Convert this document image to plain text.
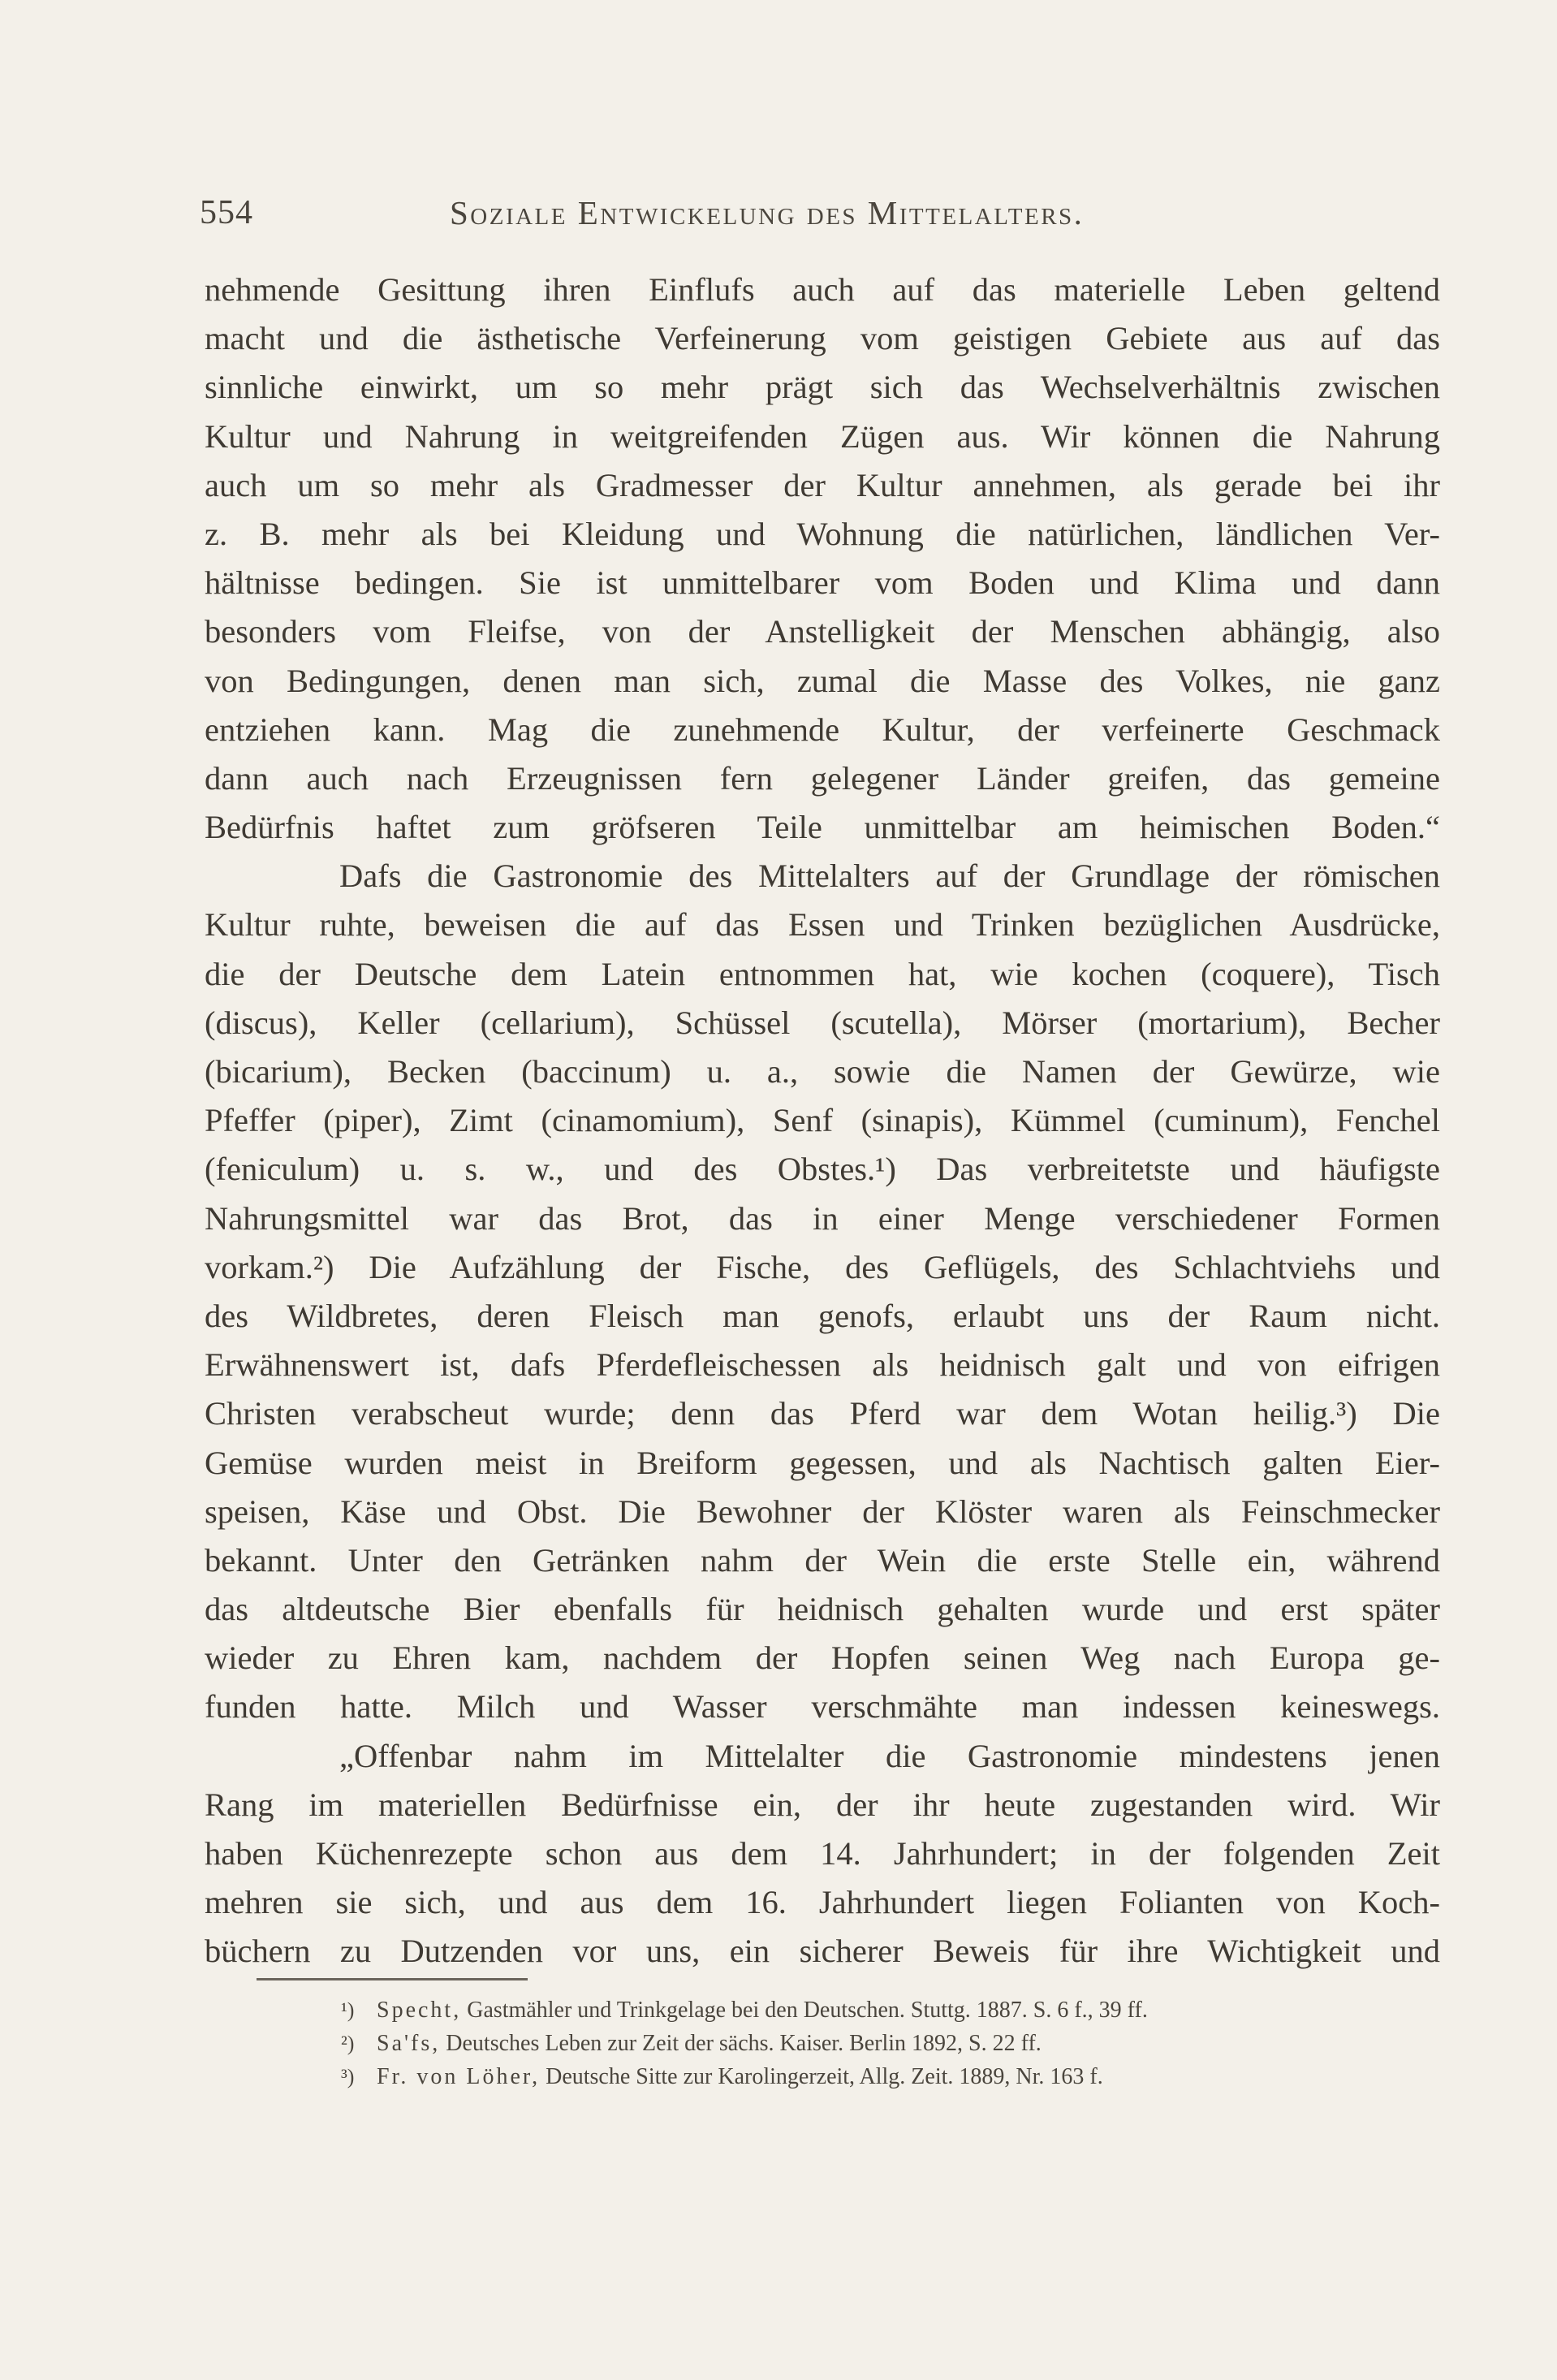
554	Soziale Entwickelung des Mittelalters.
nehmende Gesittung ihren Einflufs auch auf das materielle Leben geltend
macht und die ästhetische Verfeinerung vom geistigen Gebiete aus auf das
sinnliche einwirkt, um so mehr prägt sich das Wechselverhältnis zwischen
Kultur und Nahrung in weitgreifenden Zügen aus. Wir können die Nahrung
auch um so mehr als Gradmesser der Kultur annehmen, als gerade bei ihr
z. B. mehr als bei Kleidung und Wohnung die natürlichen, ländlichen Ver-
hältnisse bedingen. Sie ist unmittelbarer vom Boden und Klima und dann
besonders vom Fleifse, von der Anstelligkeit der Menschen abhängig, also
von Bedingungen, denen man sich, zumal die Masse des Volkes, nie ganz
entziehen kann. Mag die zunehmende Kultur, der verfeinerte Geschmack
dann auch nach Erzeugnissen fern gelegener Länder greifen, das gemeine
Bedürfnis haftet zum gröfseren Teile unmittelbar am heimischen Boden.“
Dafs die Gastronomie des Mittelalters auf der Grundlage der römischen
Kultur ruhte, beweisen die auf das Essen und Trinken bezüglichen Ausdrücke,
die der Deutsche dem Latein entnommen hat, wie kochen (coquere), Tisch
(discus), Keller (cellarium), Schüssel (scutella), Mörser (mortarium), Becher
(bicarium), Becken (baccinum) u. a., sowie die Namen der Gewürze, wie
Pfeffer (piper), Zimt (cinamomium), Senf (sinapis), Kümmel (cuminum), Fenchel
(feniculum) u. s. w., und des Obstes.¹) Das verbreitetste und häufigste
Nahrungsmittel war das Brot, das in einer Menge verschiedener Formen
vorkam.²) Die Aufzählung der Fische, des Geflügels, des Schlachtviehs und
des Wildbretes, deren Fleisch man genofs, erlaubt uns der Raum nicht.
Erwähnenswert ist, dafs Pferdefleischessen als heidnisch galt und von eifrigen
Christen verabscheut wurde; denn das Pferd war dem Wotan heilig.³) Die
Gemüse wurden meist in Breiform gegessen, und als Nachtisch galten Eier-
speisen, Käse und Obst. Die Bewohner der Klöster waren als Feinschmecker
bekannt. Unter den Getränken nahm der Wein die erste Stelle ein, während
das altdeutsche Bier ebenfalls für heidnisch gehalten wurde und erst später
wieder zu Ehren kam, nachdem der Hopfen seinen Weg nach Europa ge-
funden hatte. Milch und Wasser verschmähte man indessen keineswegs.
„Offenbar nahm im Mittelalter die Gastronomie mindestens jenen
Rang im materiellen Bedürfnisse ein, der ihr heute zugestanden wird. Wir
haben Küchenrezepte schon aus dem 14. Jahrhundert; in der folgenden Zeit
mehren sie sich, und aus dem 16. Jahrhundert liegen Folianten von Koch-
büchern zu Dutzenden vor uns, ein sicherer Beweis für ihre Wichtigkeit und
¹) Specht, Gastmähler und Trinkgelage bei den Deutschen. Stuttg. 1887. S. 6 f., 39 ff.
²) Sa'fs, Deutsches Leben zur Zeit der sächs. Kaiser. Berlin 1892, S. 22 ff.
³) Fr. von Löher, Deutsche Sitte zur Karolingerzeit, Allg. Zeit. 1889, Nr. 163 f.
